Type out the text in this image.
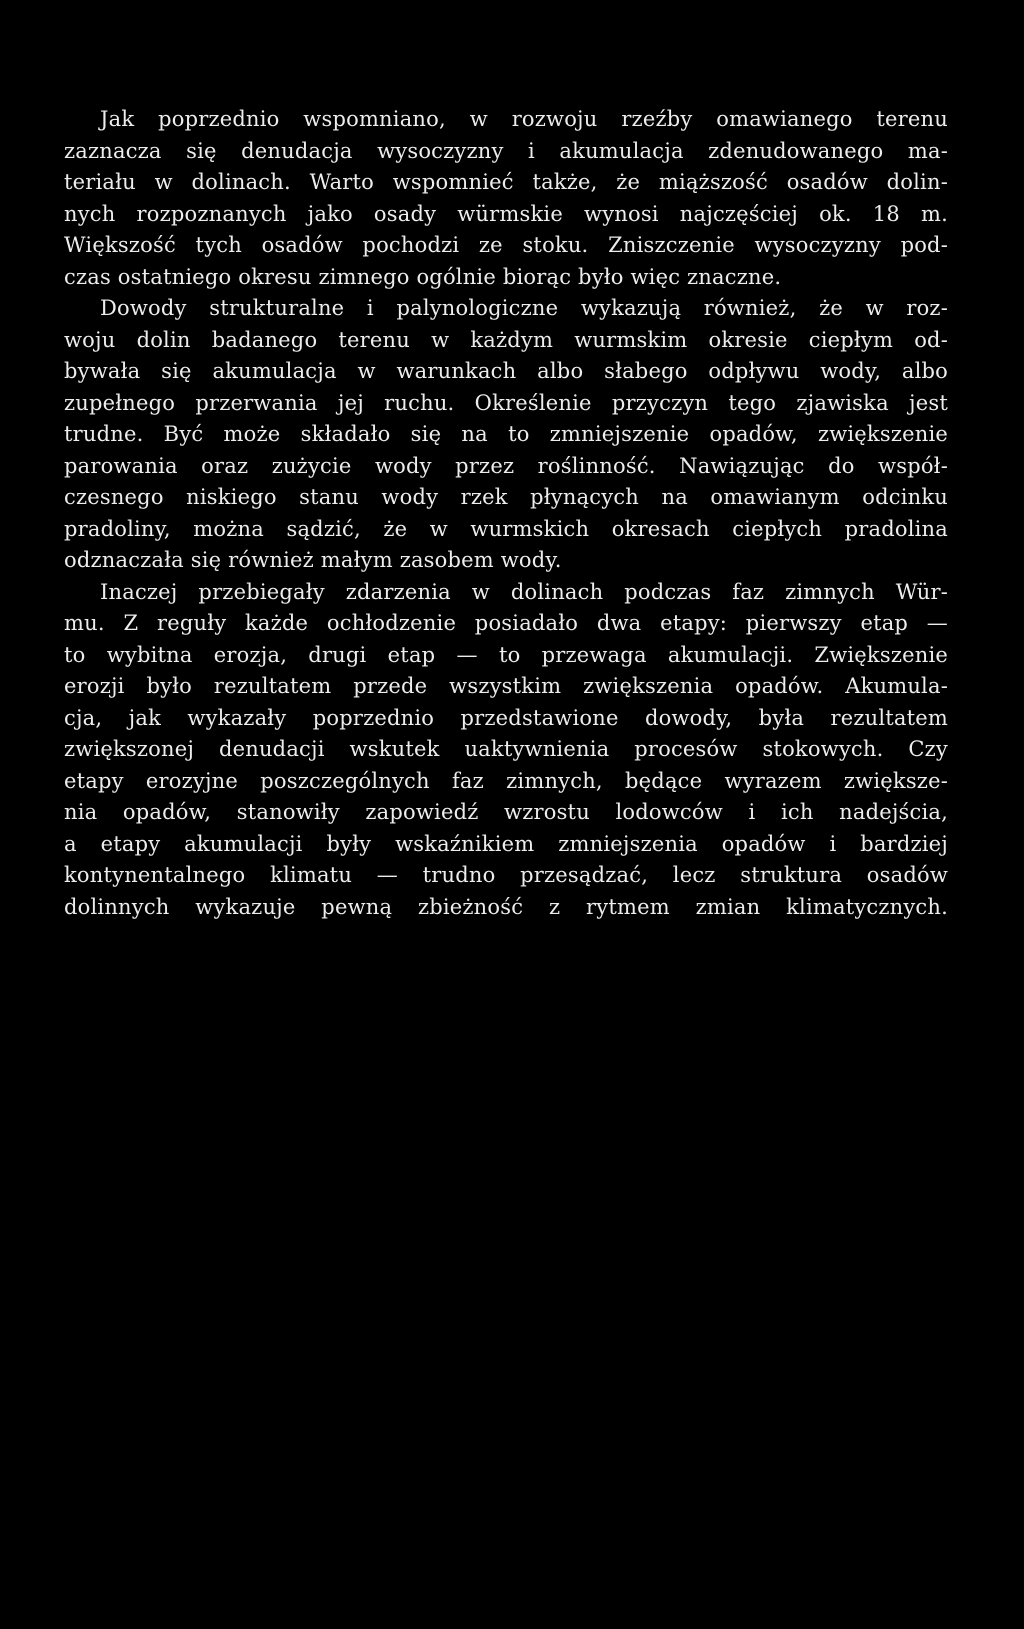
Jak poprzednio wspomniano, w rozwoju rzeźby omawianego terenu
zaznacza się denudacja wysoczyzny i akumulacja zdenudowanego ma-
teriału w dolinach. Warto wspomnieć także, że miąższość osadów dolin-
nych rozpoznanych jako osady würmskie wynosi najczęściej ok. 18 m.
Większość tych osadów pochodzi ze stoku. Zniszczenie wysoczyzny pod-
czas ostatniego okresu zimnego ogólnie biorąc było więc znaczne.
Dowody strukturalne i palynologiczne wykazują również, że w roz-
woju dolin badanego terenu w każdym wurmskim okresie ciepłym od-
bywała się akumulacja w warunkach albo słabego odpływu wody, albo
zupełnego przerwania jej ruchu. Określenie przyczyn tego zjawiska jest
trudne. Być może składało się na to zmniejszenie opadów, zwiększenie
parowania oraz zużycie wody przez roślinność. Nawiązując do współ-
czesnego niskiego stanu wody rzek płynących na omawianym odcinku
pradoliny, można sądzić, że w wurmskich okresach ciepłych pradolina
odznaczała się również małym zasobem wody.
Inaczej przebiegały zdarzenia w dolinach podczas faz zimnych Wür-
mu. Z reguły każde ochłodzenie posiadało dwa etapy: pierwszy etap —
to wybitna erozja, drugi etap — to przewaga akumulacji. Zwiększenie
erozji było rezultatem przede wszystkim zwiększenia opadów. Akumula-
cja, jak wykazały poprzednio przedstawione dowody, była rezultatem
zwiększonej denudacji wskutek uaktywnienia procesów stokowych. Czy
etapy erozyjne poszczególnych faz zimnych, będące wyrazem zwiększe-
nia opadów, stanowiły zapowiedź wzrostu lodowców i ich nadejścia,
a etapy akumulacji były wskaźnikiem zmniejszenia opadów i bardziej
kontynentalnego klimatu — trudno przesądzać, lecz struktura osadów
dolinnych wykazuje pewną zbieżność z rytmem zmian klimatycznych.
